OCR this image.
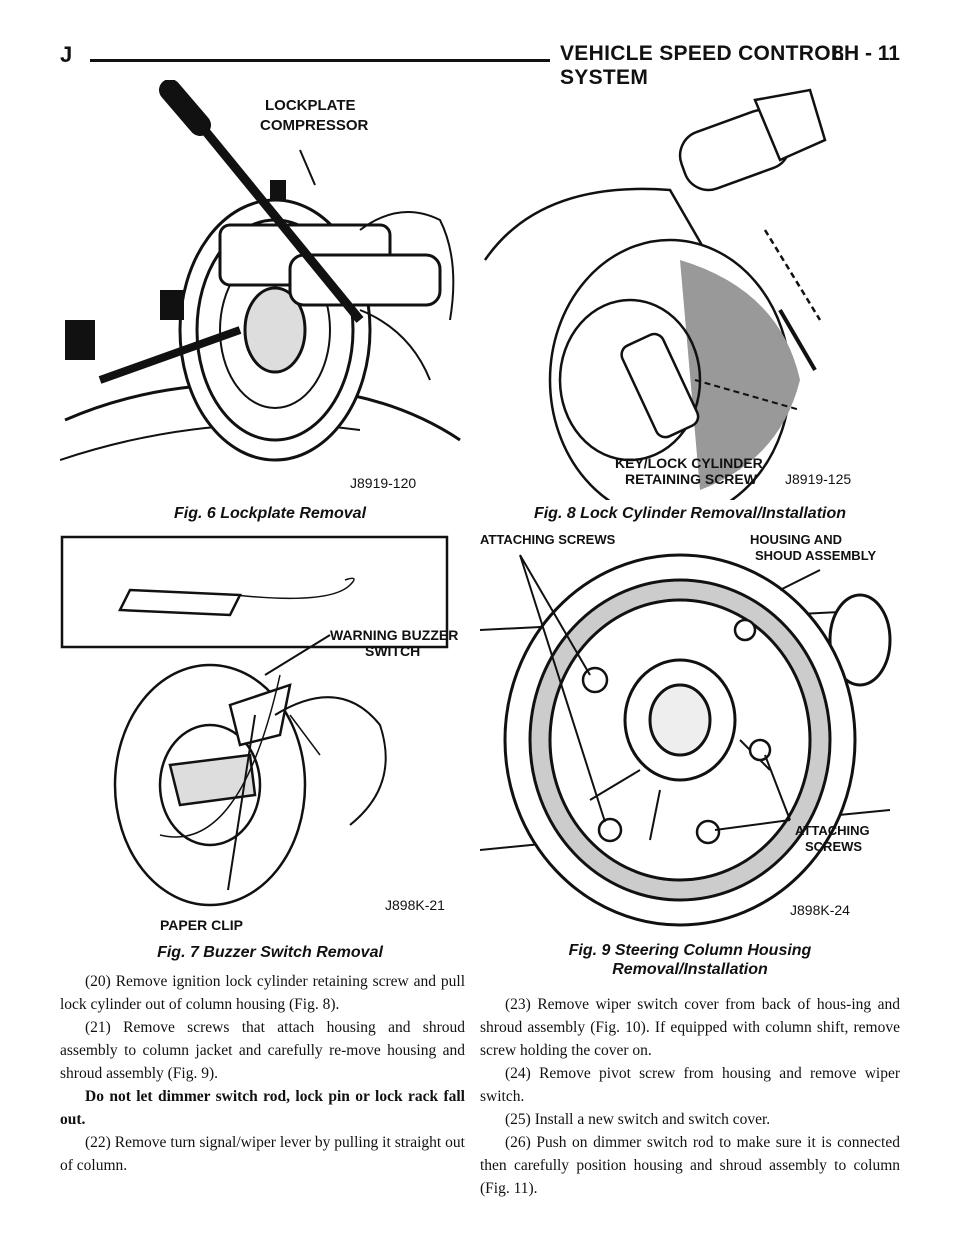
J	VEHICLE SPEED CONTROL SYSTEM
8H - 11
LOCKPLATE
COMPRESSOR
J8919-120
Fig. 6 Lockplate Removal
KEY/LOCK CYLINDER
RETAINING SCREW J8919-125
Fig. 8 Lock Cylinder Removal/Installation
WARNING BUZZER
SWITCH
PAPER CLIP
J898K-21
Fig. 7 Buzzer Switch Removal
ATTACHING SCREWS	HOUSING AND
SHOUD ASSEMBLY
ATTACHING
SCREWS
J898K-24
Fig. 9 Steering Column Housing
Removal/Installation

(20) Remove ignition lock cylinder retaining screw and pull lock cylinder out of column housing (Fig. 8).

(21) Remove screws that attach housing and shroud assembly to column jacket and carefully re-move housing and shroud assembly (Fig. 9).

Do not let dimmer switch rod, lock pin or lock rack fall out.

(22) Remove turn signal/wiper lever by pulling it straight out of column.

(23) Remove wiper switch cover from back of hous-ing and shroud assembly (Fig. 10). If equipped with column shift, remove screw holding the cover on.

(24) Remove pivot screw from housing and remove wiper switch.

(25) Install a new switch and switch cover.

(26) Push on dimmer switch rod to make sure it is connected then carefully position housing and shroud assembly to column (Fig. 11).
